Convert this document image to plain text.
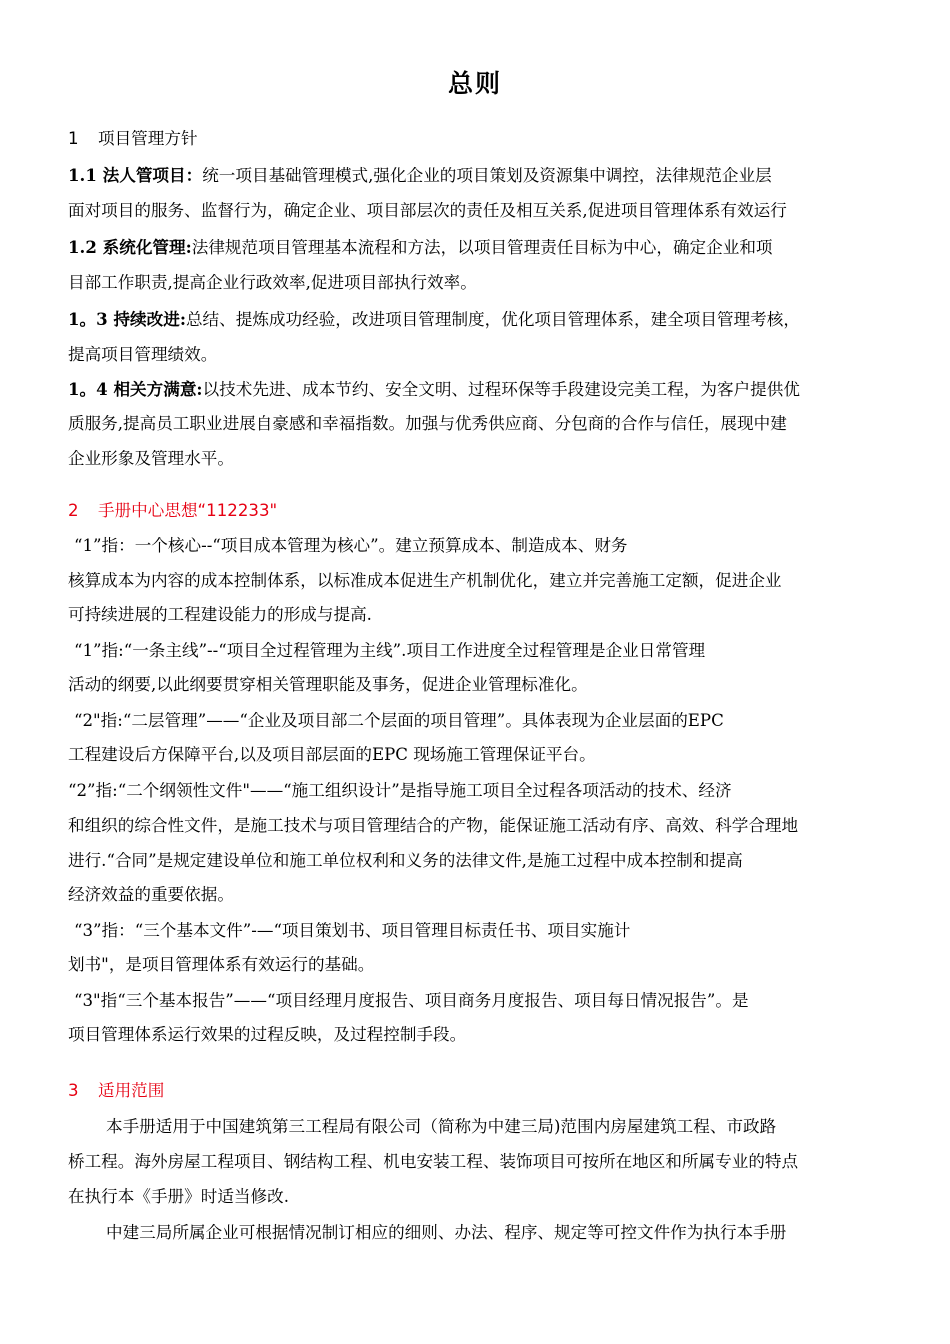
总则
1 项目管理方针
1.1 法人管项目：统一项目基础管理模式,强化企业的项目策划及资源集中调控，法律规范企业层
面对项目的服务、监督行为，确定企业、项目部层次的责任及相互关系,促进项目管理体系有效运行
1.2 系统化管理:法律规范项目管理基本流程和方法，以项目管理责任目标为中心，确定企业和项
目部工作职责,提高企业行政效率,促进项目部执行效率。
1。3 持续改进:总结、提炼成功经验，改进项目管理制度，优化项目管理体系，建全项目管理考核，
提高项目管理绩效。
1。4 相关方满意:以技术先进、成本节约、安全文明、过程环保等手段建设完美工程，为客户提供优
质服务,提高员工职业进展自豪感和幸福指数。加强与优秀供应商、分包商的合作与信任，展现中建
企业形象及管理水平。
2 手册中心思想“112233"
“1”指：一个核心--“项目成本管理为核心”。建立预算成本、制造成本、财务
核算成本为内容的成本控制体系，以标准成本促进生产机制优化，建立并完善施工定额，促进企业
可持续进展的工程建设能力的形成与提高.
“1”指:“一条主线”--“项目全过程管理为主线”.项目工作进度全过程管理是企业日常管理
活动的纲要,以此纲要贯穿相关管理职能及事务，促进企业管理标准化。
“2"指:“二层管理”——“企业及项目部二个层面的项目管理”。具体表现为企业层面的EPC
工程建设后方保障平台,以及项目部层面的EPC 现场施工管理保证平台。
“2”指:“二个纲领性文件"——“施工组织设计”是指导施工项目全过程各项活动的技术、经济
和组织的综合性文件，是施工技术与项目管理结合的产物，能保证施工活动有序、高效、科学合理地
进行.“合同”是规定建设单位和施工单位权利和义务的法律文件,是施工过程中成本控制和提高
经济效益的重要依据。
“3”指：“三个基本文件”-—“项目策划书、项目管理目标责任书、项目实施计
划书"，是项目管理体系有效运行的基础。
“3"指“三个基本报告”——“项目经理月度报告、项目商务月度报告、项目每日情况报告”。是
项目管理体系运行效果的过程反映，及过程控制手段。
3 适用范围
本手册适用于中国建筑第三工程局有限公司（简称为中建三局)范围内房屋建筑工程、市政路
桥工程。海外房屋工程项目、钢结构工程、机电安装工程、装饰项目可按所在地区和所属专业的特点
在执行本《手册》时适当修改.
中建三局所属企业可根据情况制订相应的细则、办法、程序、规定等可控文件作为执行本手册
